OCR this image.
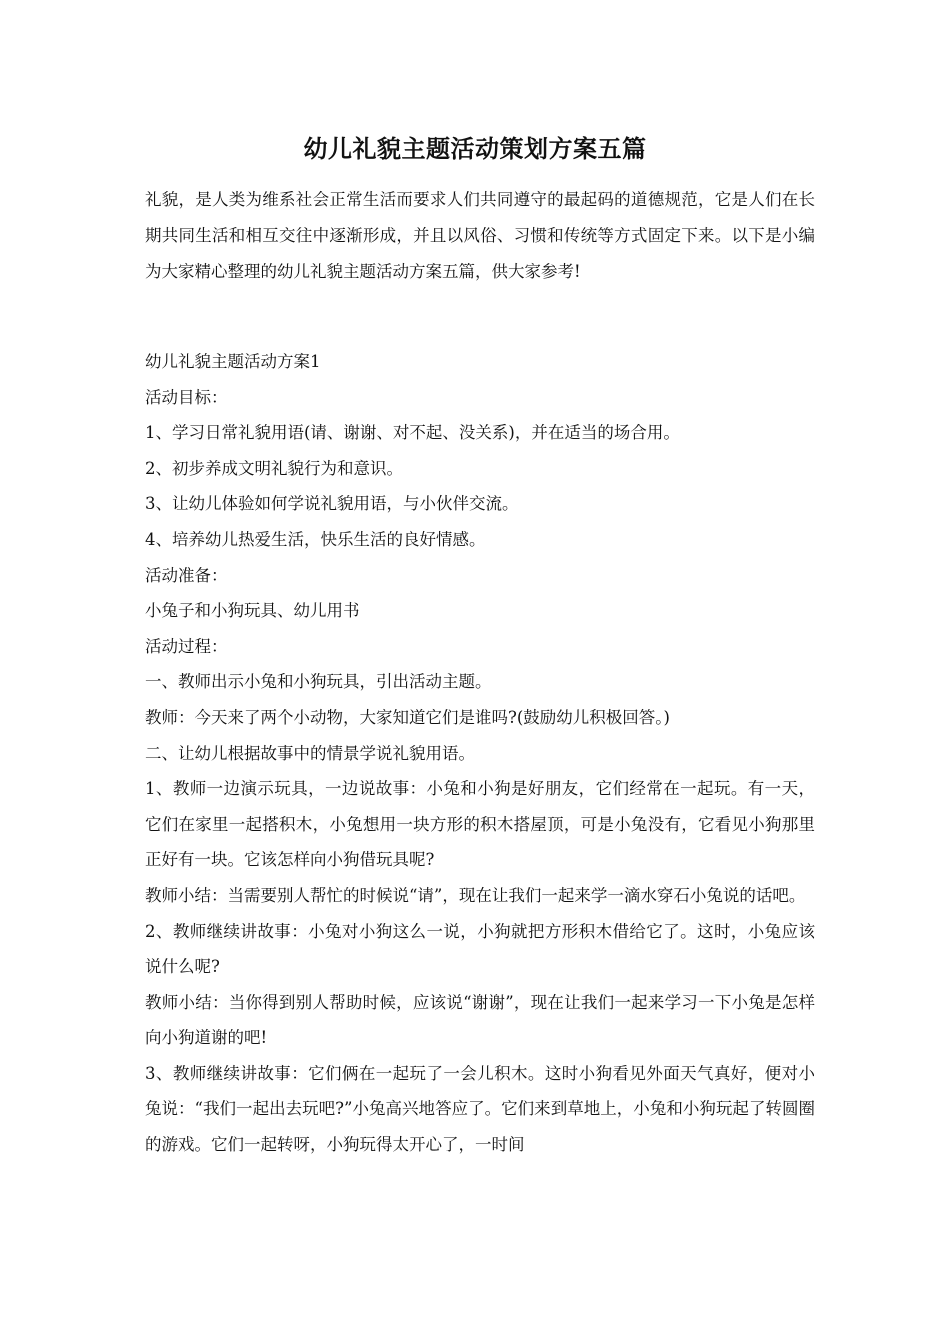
幼儿礼貌主题活动策划方案五篇

礼貌，是人类为维系社会正常生活而要求人们共同遵守的最起码的道德规范，它是人们在长期共同生活和相互交往中逐渐形成，并且以风俗、习惯和传统等方式固定下来。以下是小编为大家精心整理的幼儿礼貌主题活动方案五篇，供大家参考!

幼儿礼貌主题活动方案1

活动目标：

1、学习日常礼貌用语(请、谢谢、对不起、没关系)，并在适当的场合用。

2、初步养成文明礼貌行为和意识。

3、让幼儿体验如何学说礼貌用语，与小伙伴交流。

4、培养幼儿热爱生活，快乐生活的良好情感。

活动准备：

小兔子和小狗玩具、幼儿用书

活动过程：

一、教师出示小兔和小狗玩具，引出活动主题。

教师：今天来了两个小动物，大家知道它们是谁吗?(鼓励幼儿积极回答。)

二、让幼儿根据故事中的情景学说礼貌用语。

1、教师一边演示玩具，一边说故事：小兔和小狗是好朋友，它们经常在一起玩。有一天，它们在家里一起搭积木，小兔想用一块方形的积木搭屋顶，可是小兔没有，它看见小狗那里正好有一块。它该怎样向小狗借玩具呢?

教师小结：当需要别人帮忙的时候说“请”，现在让我们一起来学一滴水穿石小兔说的话吧。

2、教师继续讲故事：小兔对小狗这么一说，小狗就把方形积木借给它了。这时，小兔应该说什么呢?

教师小结：当你得到别人帮助时候，应该说“谢谢”，现在让我们一起来学习一下小兔是怎样向小狗道谢的吧!

3、教师继续讲故事：它们俩在一起玩了一会儿积木。这时小狗看见外面天气真好，便对小兔说：“我们一起出去玩吧?”小兔高兴地答应了。它们来到草地上，小兔和小狗玩起了转圆圈的游戏。它们一起转呀，小狗玩得太开心了，一时间
